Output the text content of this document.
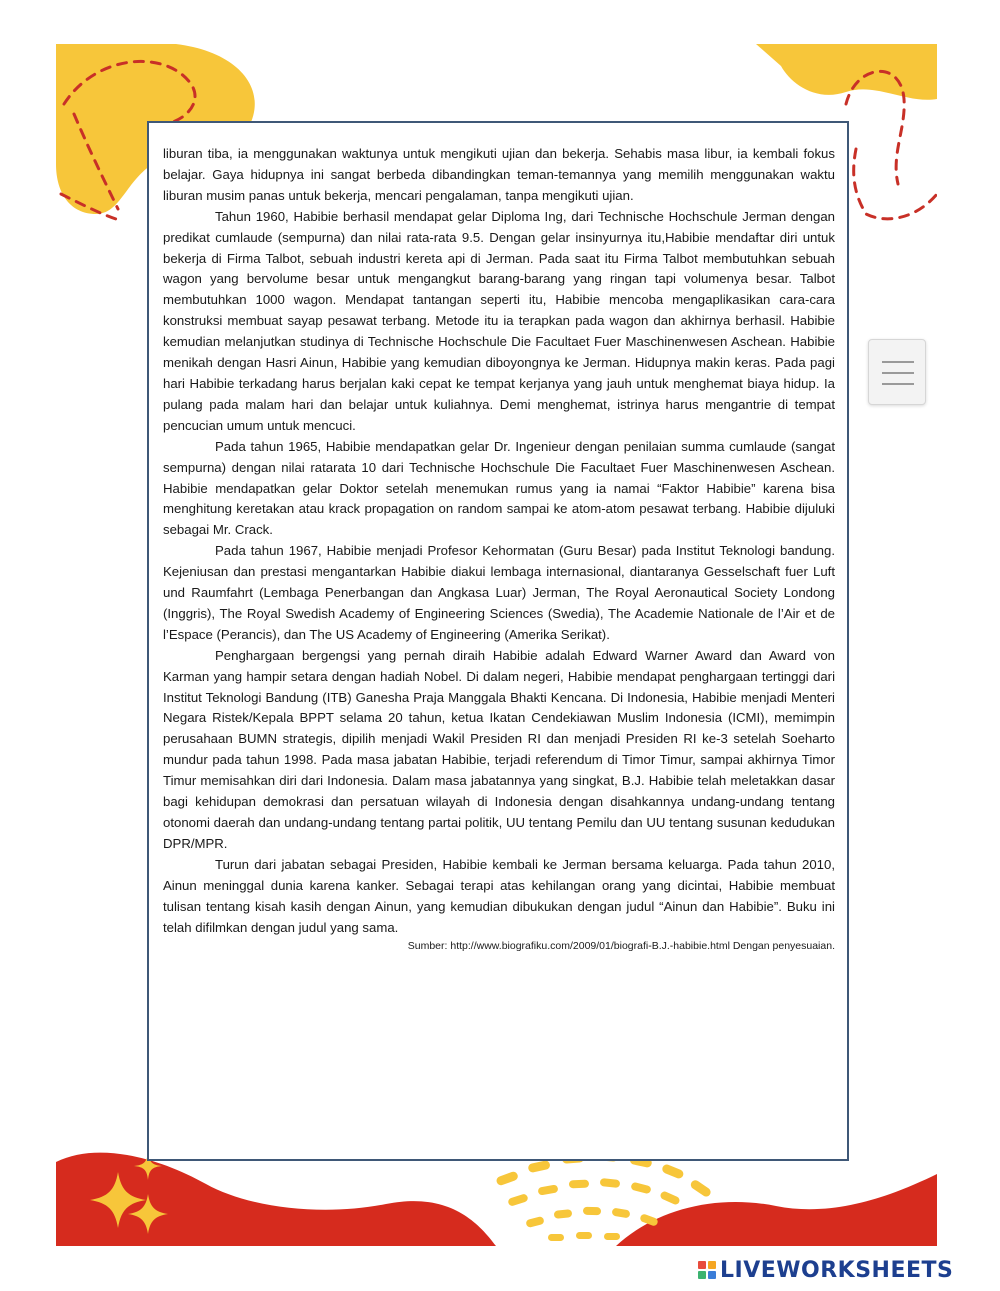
liburan tiba, ia menggunakan waktunya untuk mengikuti ujian dan bekerja. Sehabis masa libur, ia kembali fokus belajar. Gaya hidupnya ini sangat berbeda dibandingkan teman-temannya yang memilih menggunakan waktu liburan musim panas untuk bekerja, mencari pengalaman, tanpa mengikuti ujian.

Tahun 1960, Habibie berhasil mendapat gelar Diploma Ing, dari Technische Hochschule Jerman dengan predikat cumlaude (sempurna) dan nilai rata-rata 9.5. Dengan gelar insinyurnya itu,Habibie mendaftar diri untuk bekerja di Firma Talbot, sebuah industri kereta api di Jerman. Pada saat itu Firma Talbot membutuhkan sebuah wagon yang bervolume besar untuk mengangkut barang-barang yang ringan tapi volumenya besar. Talbot membutuhkan 1000 wagon. Mendapat tantangan seperti itu, Habibie mencoba mengaplikasikan cara-cara konstruksi membuat sayap pesawat terbang. Metode itu ia terapkan pada wagon dan akhirnya berhasil. Habibie kemudian melanjutkan studinya di Technische Hochschule Die Facultaet Fuer Maschinenwesen Aschean. Habibie menikah dengan Hasri Ainun, Habibie yang kemudian diboyongnya ke Jerman. Hidupnya makin keras. Pada pagi hari Habibie terkadang harus berjalan kaki cepat ke tempat kerjanya yang jauh untuk menghemat biaya hidup. Ia pulang pada malam hari dan belajar untuk kuliahnya. Demi menghemat, istrinya harus mengantrie di tempat pencucian umum untuk mencuci.

Pada tahun 1965, Habibie mendapatkan gelar Dr. Ingenieur dengan penilaian summa cumlaude (sangat sempurna) dengan nilai ratarata 10 dari Technische Hochschule Die Facultaet Fuer Maschinenwesen Aschean. Habibie mendapatkan gelar Doktor setelah menemukan rumus yang ia namai “Faktor Habibie” karena bisa menghitung keretakan atau krack propagation on random sampai ke atom-atom pesawat terbang. Habibie dijuluki sebagai Mr. Crack.

Pada tahun 1967, Habibie menjadi Profesor Kehormatan (Guru Besar) pada Institut Teknologi bandung. Kejeniusan dan prestasi mengantarkan Habibie diakui lembaga internasional, diantaranya Gesselschaft fuer Luft und Raumfahrt (Lembaga Penerbangan dan Angkasa Luar) Jerman, The Royal Aeronautical Society Londong (Inggris), The Royal Swedish Academy of Engineering Sciences (Swedia), The Academie Nationale de l’Air et de l’Espace (Perancis), dan The US Academy of Engineering (Amerika Serikat).

Penghargaan bergengsi yang pernah diraih Habibie adalah Edward Warner Award dan Award von Karman yang hampir setara dengan hadiah Nobel. Di dalam negeri, Habibie mendapat penghargaan tertinggi dari Institut Teknologi Bandung (ITB) Ganesha Praja Manggala Bhakti Kencana. Di Indonesia, Habibie menjadi Menteri Negara Ristek/Kepala BPPT selama 20 tahun, ketua Ikatan Cendekiawan Muslim Indonesia (ICMI), memimpin perusahaan BUMN strategis, dipilih menjadi Wakil Presiden RI dan menjadi Presiden RI ke-3 setelah Soeharto mundur pada tahun 1998. Pada masa jabatan Habibie, terjadi referendum di Timor Timur, sampai akhirnya Timor Timur memisahkan diri dari Indonesia. Dalam masa jabatannya yang singkat, B.J. Habibie telah meletakkan dasar bagi kehidupan demokrasi dan persatuan wilayah di Indonesia dengan disahkannya undang-undang tentang otonomi daerah dan undang-undang tentang partai politik, UU tentang Pemilu dan UU tentang susunan kedudukan DPR/MPR.

Turun dari jabatan sebagai Presiden, Habibie kembali ke Jerman bersama keluarga. Pada tahun 2010, Ainun meninggal dunia karena kanker. Sebagai terapi atas kehilangan orang yang dicintai, Habibie membuat tulisan tentang kisah kasih dengan Ainun, yang kemudian dibukukan dengan judul “Ainun dan Habibie”. Buku ini telah difilmkan dengan judul yang sama.

Sumber: http://www.biografiku.com/2009/01/biografi-B.J.-habibie.html Dengan penyesuaian.

LIVEWORKSHEETS
